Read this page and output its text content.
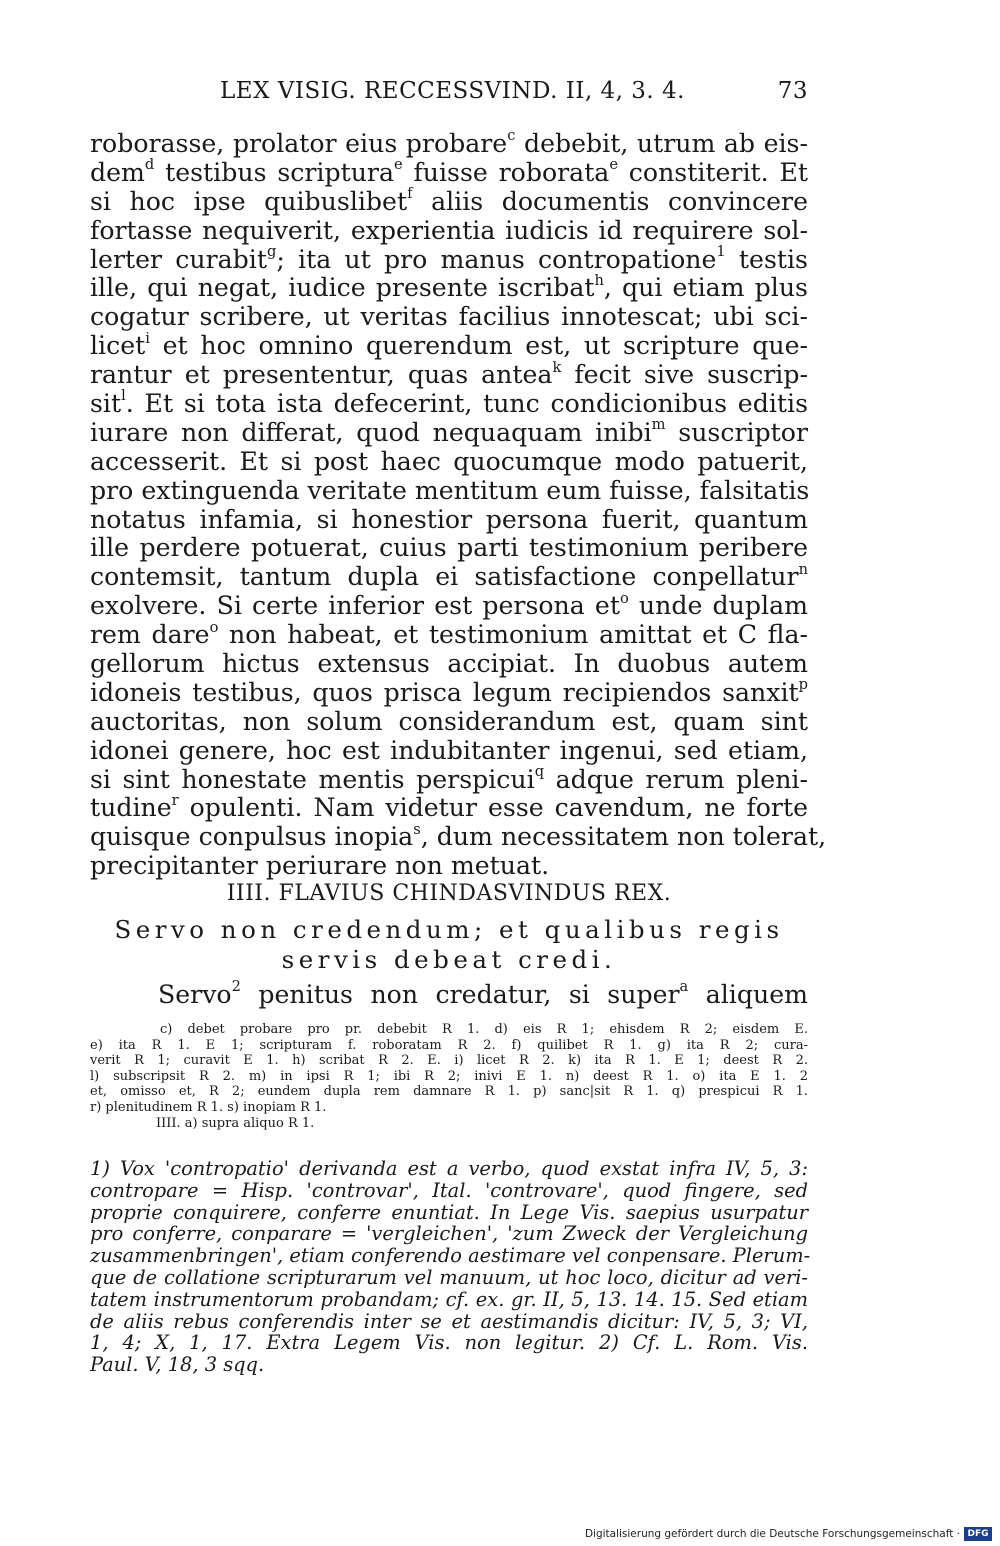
LEX VISIG. RECCESSVIND. II, 4, 3. 4.	73
roborasse, prolator eius probare$^c$ debebit, utrum ab eis-
dem$^d$ testibus scriptura$^e$ fuisse roborata$^e$ constiterit. Et
si hoc ipse quibuslibet$^f$ aliis documentis convincere
fortasse nequiverit, experientia iudicis id requirere sol-
lerter curabit$^g$; ita ut pro manus contropatione$^1$ testis
ille, qui negat, iudice presente iscribat$^h$, qui etiam plus
cogatur scribere, ut veritas facilius innotescat; ubi sci-
licet$^i$ et hoc omnino querendum est, ut scripture que-
rantur et presententur, quas antea$^k$ fecit sive suscrip-
sit$^l$. Et si tota ista defecerint, tunc condicionibus editis
iurare non differat, quod nequaquam inibi$^m$ suscriptor
accesserit. Et si post haec quocumque modo patuerit,
pro extinguenda veritate mentitum eum fuisse, falsitatis
notatus infamia, si honestior persona fuerit, quantum
ille perdere potuerat, cuius parti testimonium peribere
contemsit, tantum dupla ei satisfactione conpellatur$^n$
exolvere. Si certe inferior est persona $et^o$ unde duplam
rem dare$^o$ non habeat, et testimonium amittat et C fla-
gellorum hictus extensus accipiat. In duobus autem
idoneis testibus, quos prisca legum recipiendos sanxit$^p$
auctoritas, non solum considerandum est, quam sint
idonei genere, hoc est indubitanter ingenui, sed etiam,
si sint honestate mentis perspicui$^q$ adque rerum pleni-
tudine$^r$ opulenti. Nam videtur esse cavendum, ne forte
quisque conpulsus inopia$^s$, dum necessitatem non tolerat,
precipitanter periurare non metuat.
IIII. FLAVIUS CHINDASVINDUS REX.
Servo non credendum; et qualibus regis
servis debeat credi.
Servo$^2$ penitus non credatur, si super$^a$ aliquem
c) debet probare pro pr. debebit R 1. d) eis R 1; ehisdem R 2; eisdem E.
e) ita R 1. E 1; scripturam f. roboratam R 2. f) quilibet R 1. g) ita R 2; cura-
verit R 1; curavit E 1. h) scribat R 2. E. i) licet R 2. k) ita R 1. E 1; deest R 2.
l) subscripsit R 2. m) in ipsi R 1; ibi R 2; inivi E 1. n) deest R 1. o) ita E 1. 2
et, omisso et, R 2; eundem dupla rem damnare R 1. p) sanc|sit R 1. q) prespicui R 1.
r) plenitudinem R 1. s) inopiam R 1.
IIII. a) supra aliquo R 1.
1) Vox 'contropatio' derivanda est a verbo, quod exstat infra IV, 5, 3:
contropare = Hisp. 'controvar', Ital. 'controvare', quod fingere, sed
proprie conquirere, conferre enuntiat. In Lege Vis. saepius usurpatur
pro conferre, conparare = 'vergleichen', 'zum Zweck der Vergleichung
zusammenbringen', etiam conferendo aestimare vel conpensare. Plerum-
que de collatione scripturarum vel manuum, ut hoc loco, dicitur ad veri-
tatem instrumentorum probandam; cf. ex. gr. II, 5, 13. 14. 15. Sed etiam
de aliis rebus conferendis inter se et aestimandis dicitur: IV, 5, 3; VI,
1, 4; X, 1, 17. Extra Legem Vis. non legitur. 2) Cf. L. Rom. Vis.
Paul. V, 18, 3 sqq.
Digitalisierung gefördert durch die Deutsche Forschungsgemeinschaft · DFG
